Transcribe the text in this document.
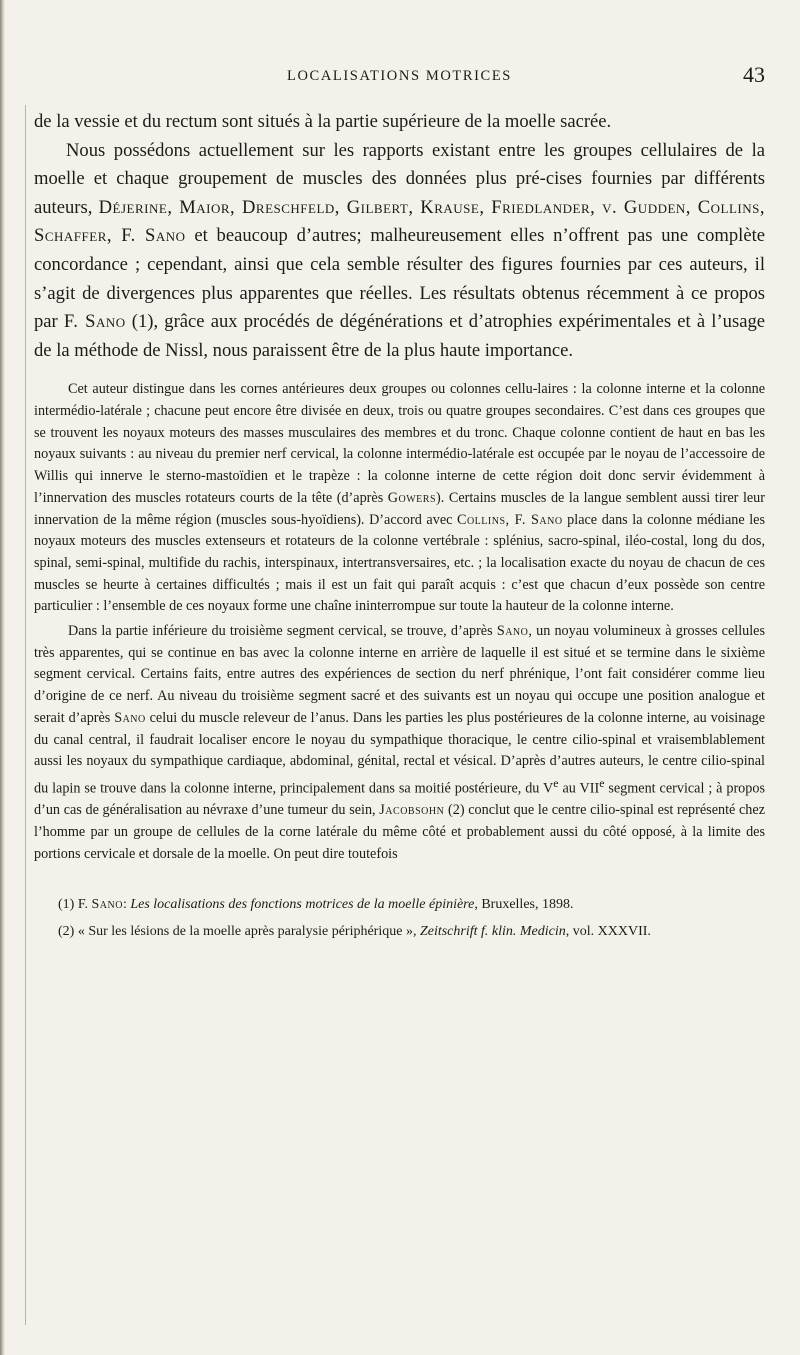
LOCALISATIONS MOTRICES	43

de la vessie et du rectum sont situés à la partie supérieure de la moelle sacrée.

Nous possédons actuellement sur les rapports existant entre les groupes cellulaires de la moelle et chaque groupement de muscles des données plus pré-cises fournies par différents auteurs, Déjerine, Maior, Dreschfeld, Gilbert, Krause, Friedlander, v. Gudden, Collins, Schaffer, F. Sano et beaucoup d’autres; malheureusement elles n’offrent pas une complète concordance ; cependant, ainsi que cela semble résulter des figures fournies par ces auteurs, il s’agit de divergences plus apparentes que réelles. Les résultats obtenus récemment à ce propos par F. Sano (1), grâce aux procédés de dégénérations et d’atrophies expérimentales et à l’usage de la méthode de Nissl, nous paraissent être de la plus haute importance.

Cet auteur distingue dans les cornes antérieures deux groupes ou colonnes cellu-laires : la colonne interne et la colonne intermédio-latérale ; chacune peut encore être divisée en deux, trois ou quatre groupes secondaires. C’est dans ces groupes que se trouvent les noyaux moteurs des masses musculaires des membres et du tronc. Chaque colonne contient de haut en bas les noyaux suivants : au niveau du premier nerf cervical, la colonne intermédio-latérale est occupée par le noyau de l’accessoire de Willis qui innerve le sterno-mastoïdien et le trapèze : la colonne interne de cette région doit donc servir évidemment à l’innervation des muscles rotateurs courts de la tête (d’après Gowers). Certains muscles de la langue semblent aussi tirer leur innervation de la même région (muscles sous-hyoïdiens). D’accord avec Collins, F. Sano place dans la colonne médiane les noyaux moteurs des muscles extenseurs et rotateurs de la colonne vertébrale : splénius, sacro-spinal, iléo-costal, long du dos, spinal, semi-spinal, multifide du rachis, interspinaux, intertransversaires, etc. ; la localisation exacte du noyau de chacun de ces muscles se heurte à certaines difficultés ; mais il est un fait qui paraît acquis : c’est que chacun d’eux possède son centre particulier : l’ensemble de ces noyaux forme une chaîne ininterrompue sur toute la hauteur de la colonne interne.

Dans la partie inférieure du troisième segment cervical, se trouve, d’après Sano, un noyau volumineux à grosses cellules très apparentes, qui se continue en bas avec la colonne interne en arrière de laquelle il est situé et se termine dans le sixième segment cervical. Certains faits, entre autres des expériences de section du nerf phrénique, l’ont fait considérer comme lieu d’origine de ce nerf. Au niveau du troisième segment sacré et des suivants est un noyau qui occupe une position analogue et serait d’après Sano celui du muscle releveur de l’anus. Dans les parties les plus postérieures de la colonne interne, au voisinage du canal central, il faudrait localiser encore le noyau du sympathique thoracique, le centre cilio-spinal et vraisemblablement aussi les noyaux du sympathique cardiaque, abdominal, génital, rectal et vésical. D’après d’autres auteurs, le centre cilio-spinal du lapin se trouve dans la colonne interne, principalement dans sa moitié postérieure, du Ve au VIIe segment cervical ; à propos d’un cas de généralisation au névraxe d’une tumeur du sein, Jacobsohn (2) conclut que le centre cilio-spinal est représenté chez l’homme par un groupe de cellules de la corne latérale du même côté et probablement aussi du côté opposé, à la limite des portions cervicale et dorsale de la moelle. On peut dire toutefois

(1) F. Sano: Les localisations des fonctions motrices de la moelle épinière, Bruxelles, 1898.

(2) « Sur les lésions de la moelle après paralysie périphérique », Zeitschrift f. klin. Medicin, vol. XXXVII.
